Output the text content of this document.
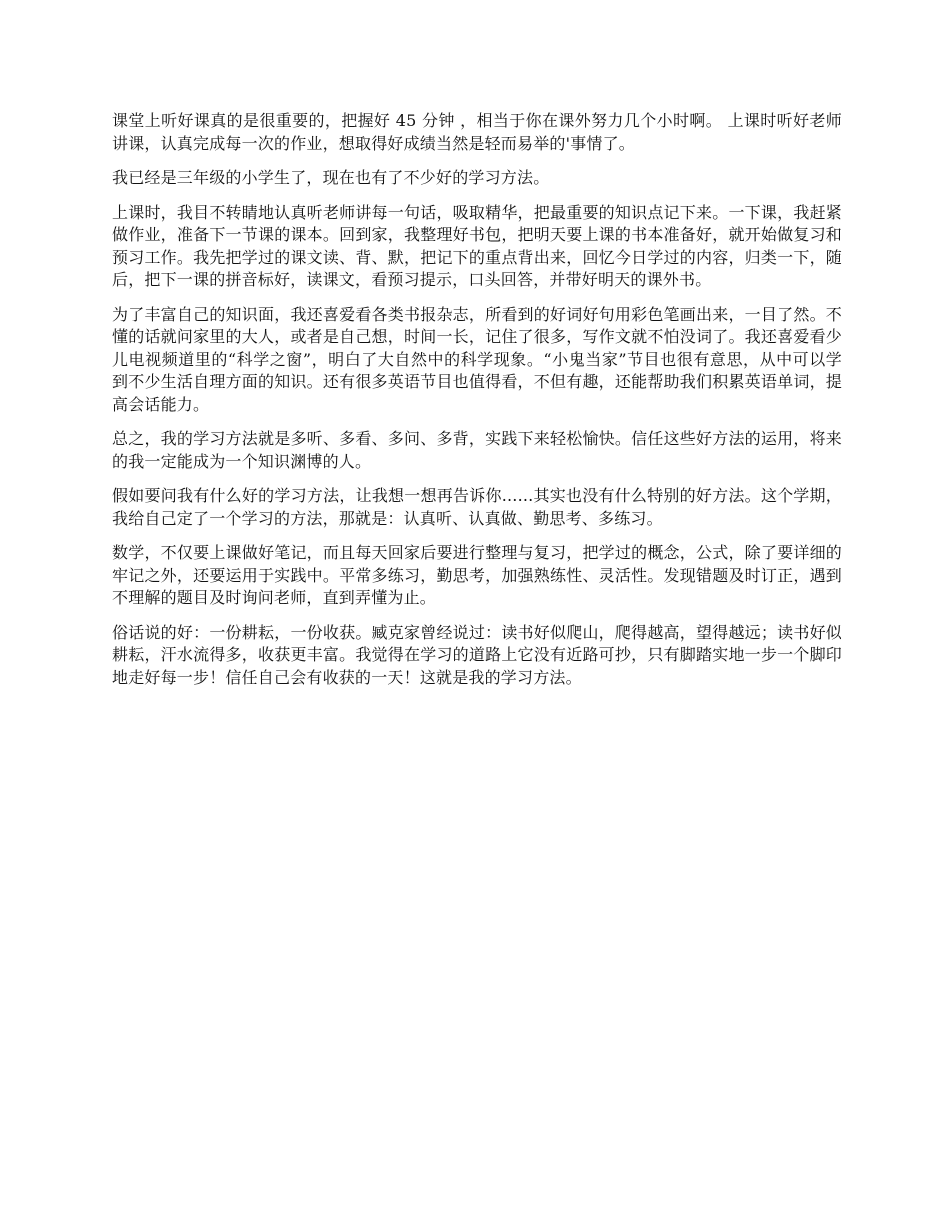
课堂上听好课真的是很重要的，把握好 45 分钟 ，相当于你在课外努力几个小时啊。 上课时听好老师讲课，认真完成每一次的作业，想取得好成绩当然是轻而易举的'事情了。

我已经是三年级的小学生了，现在也有了不少好的学习方法。

上课时，我目不转睛地认真听老师讲每一句话，吸取精华，把最重要的知识点记下来。一下课，我赶紧做作业，准备下一节课的课本。回到家，我整理好书包，把明天要上课的书本准备好，就开始做复习和预习工作。我先把学过的课文读、背、默，把记下的重点背出来，回忆今日学过的内容，归类一下，随后，把下一课的拼音标好，读课文，看预习提示，口头回答，并带好明天的课外书。

为了丰富自己的知识面，我还喜爱看各类书报杂志，所看到的好词好句用彩色笔画出来，一目了然。不懂的话就问家里的大人，或者是自己想，时间一长，记住了很多，写作文就不怕没词了。我还喜爱看少儿电视频道里的“科学之窗”，明白了大自然中的科学现象。“小鬼当家”节目也很有意思，从中可以学到不少生活自理方面的知识。还有很多英语节目也值得看，不但有趣，还能帮助我们积累英语单词，提高会话能力。

总之，我的学习方法就是多听、多看、多问、多背，实践下来轻松愉快。信任这些好方法的运用，将来的我一定能成为一个知识渊博的人。

假如要问我有什么好的学习方法，让我想一想再告诉你......其实也没有什么特别的好方法。这个学期，我给自己定了一个学习的方法，那就是：认真听、认真做、勤思考、多练习。

数学，不仅要上课做好笔记，而且每天回家后要进行整理与复习，把学过的概念，公式，除了要详细的牢记之外，还要运用于实践中。平常多练习，勤思考，加强熟练性、灵活性。发现错题及时订正，遇到不理解的题目及时询问老师，直到弄懂为止。

俗话说的好：一份耕耘，一份收获。臧克家曾经说过：读书好似爬山，爬得越高，望得越远；读书好似耕耘，汗水流得多，收获更丰富。我觉得在学习的道路上它没有近路可抄，只有脚踏实地一步一个脚印地走好每一步！信任自己会有收获的一天！这就是我的学习方法。
